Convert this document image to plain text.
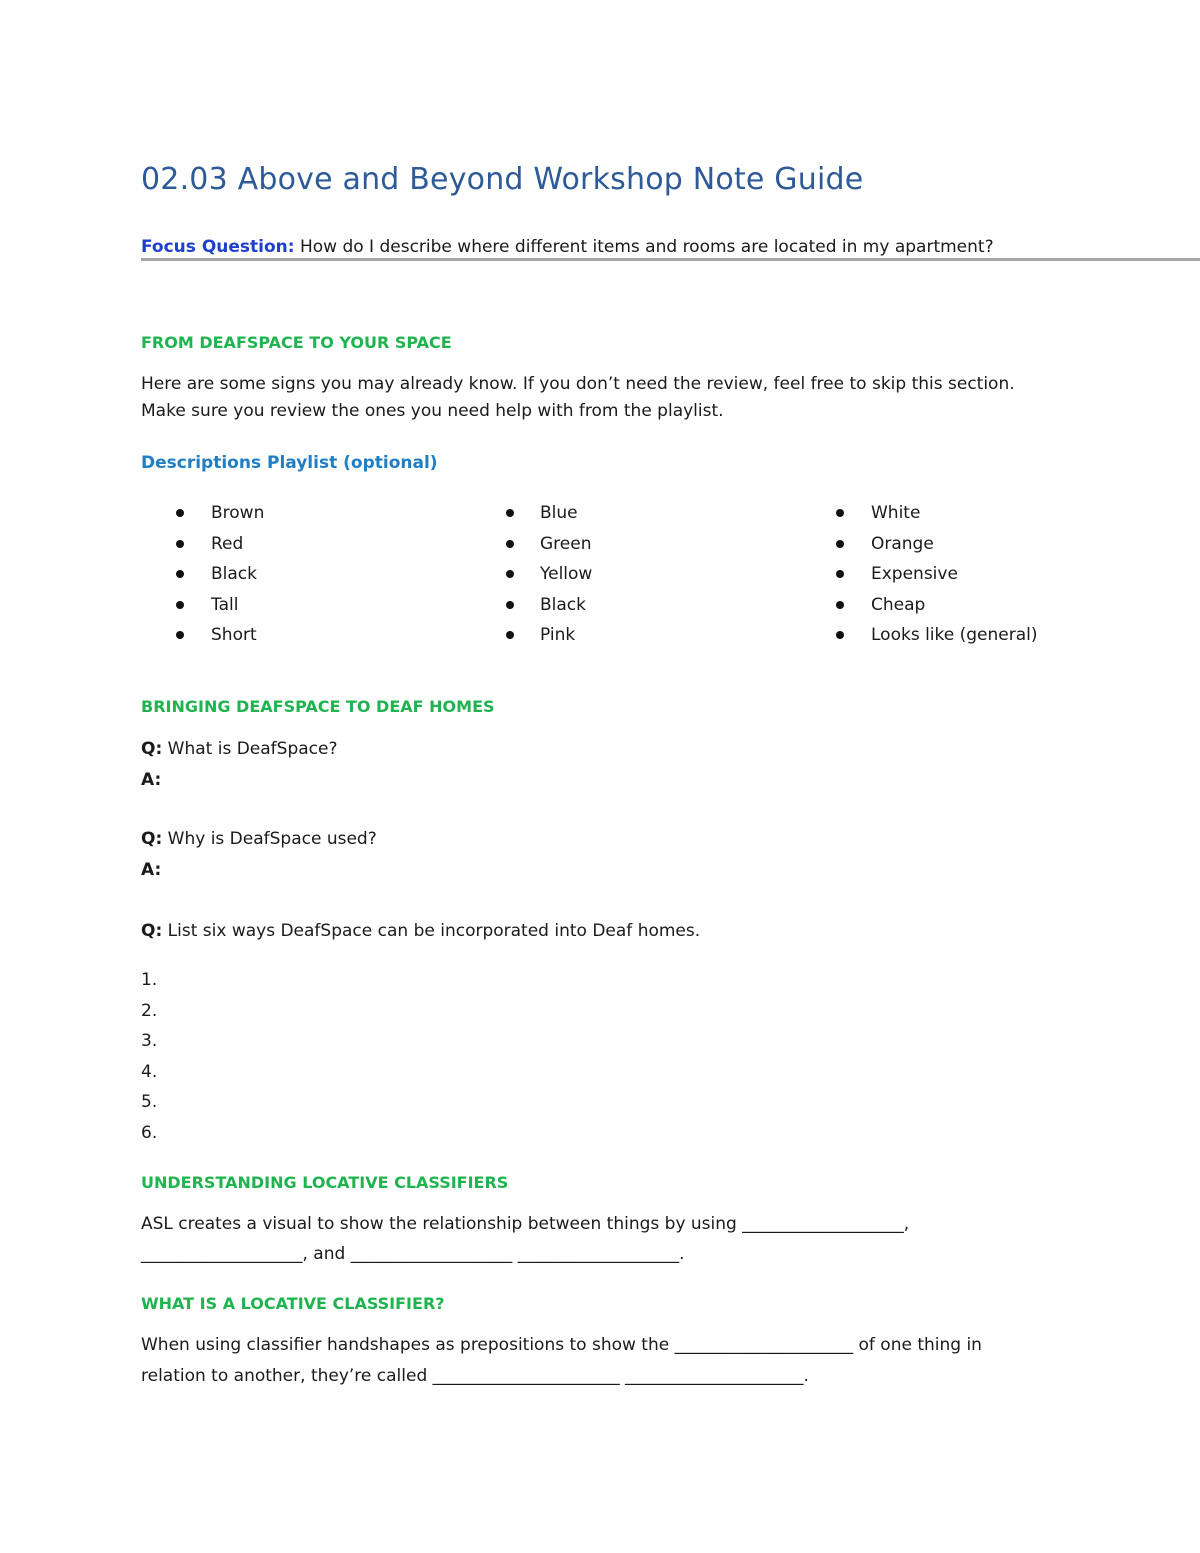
02.03 Above and Beyond Workshop Note Guide
Focus Question: How do I describe where different items and rooms are located in my apartment?
FROM DEAFSPACE TO YOUR SPACE
Here are some signs you may already know. If you don’t need the review, feel free to skip this section.
Make sure you review the ones you need help with from the playlist.
Descriptions Playlist (optional)
Brown
Red
Black
Tall
Short
Blue
Green
Yellow
Black
Pink
White
Orange
Expensive
Cheap
Looks like (general)
BRINGING DEAFSPACE TO DEAF HOMES
Q: What is DeafSpace?
A:
Q: Why is DeafSpace used?
A:
Q: List six ways DeafSpace can be incorporated into Deaf homes.
1.
2.
3.
4.
5.
6.
UNDERSTANDING LOCATIVE CLASSIFIERS
ASL creates a visual to show the relationship between things by using ___________________,
___________________, and ___________________ ___________________.
WHAT IS A LOCATIVE CLASSIFIER?
When using classifier handshapes as prepositions to show the _____________________ of one thing in
relation to another, they’re called ______________________ _____________________.
